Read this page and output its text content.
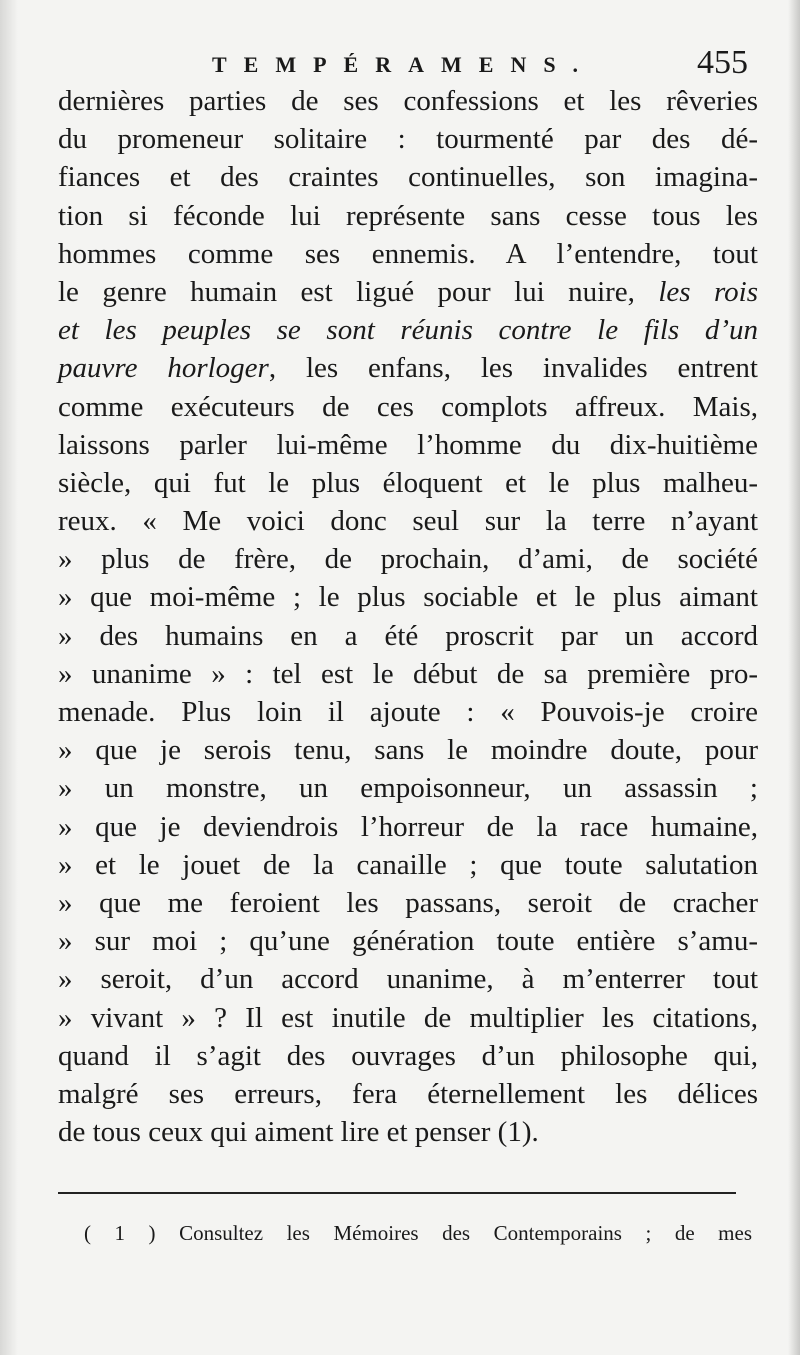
TEMPÉRAMENS.	455
dernières parties de ses confessions et les rêveries
du promeneur solitaire : tourmenté par des dé-
fiances et des craintes continuelles, son imagina-
tion si féconde lui représente sans cesse tous les
hommes comme ses ennemis. A l’entendre, tout
le genre humain est ligué pour lui nuire, les rois
et les peuples se sont réunis contre le fils d’un
pauvre horloger, les enfans, les invalides entrent
comme exécuteurs de ces complots affreux. Mais,
laissons parler lui-même l’homme du dix-huitième
siècle, qui fut le plus éloquent et le plus malheu-
reux. « Me voici donc seul sur la terre n’ayant
» plus de frère, de prochain, d’ami, de société
» que moi-même ; le plus sociable et le plus aimant
» des humains en a été proscrit par un accord
» unanime » : tel est le début de sa première pro-
menade. Plus loin il ajoute : « Pouvois-je croire
» que je serois tenu, sans le moindre doute, pour
» un monstre, un empoisonneur, un assassin ;
» que je deviendrois l’horreur de la race humaine,
» et le jouet de la canaille ; que toute salutation
» que me feroient les passans, seroit de cracher
» sur moi ; qu’une génération toute entière s’amu-
» seroit, d’un accord unanime, à m’enterrer tout
» vivant » ? Il est inutile de multiplier les citations,
quand il s’agit des ouvrages d’un philosophe qui,
malgré ses erreurs, fera éternellement les délices
de tous ceux qui aiment lire et penser (1).
( 1 ) Consultez les Mémoires des Contemporains ; de mes
